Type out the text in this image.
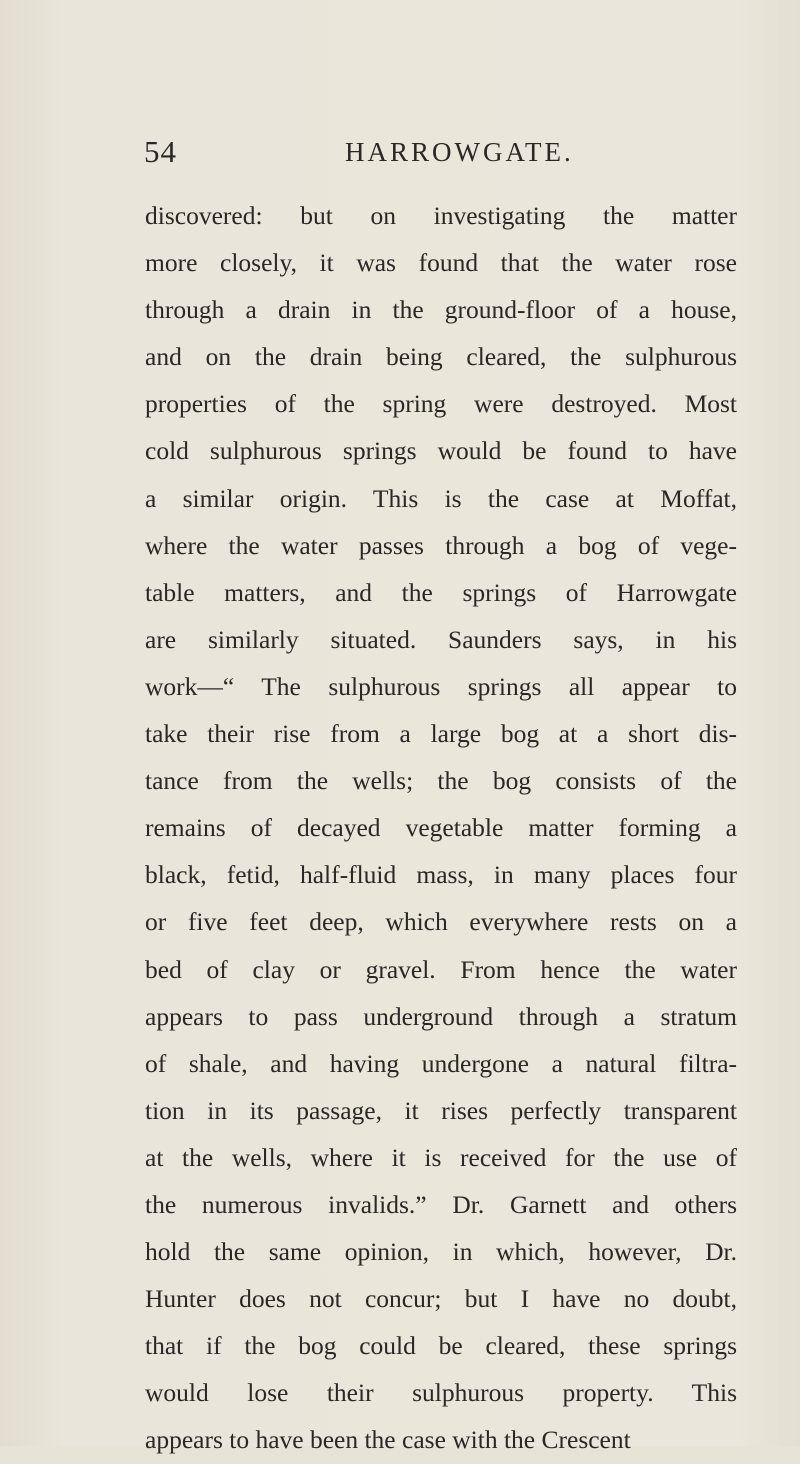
54	HARROWGATE.
discovered: but on investigating the matter
more closely, it was found that the water rose
through a drain in the ground-floor of a house,
and on the drain being cleared, the sulphurous
properties of the spring were destroyed. Most
cold sulphurous springs would be found to have
a similar origin. This is the case at Moffat,
where the water passes through a bog of vege-
table matters, and the springs of Harrowgate
are similarly situated. Saunders says, in his
work—“ The sulphurous springs all appear to
take their rise from a large bog at a short dis-
tance from the wells; the bog consists of the
remains of decayed vegetable matter forming a
black, fetid, half-fluid mass, in many places four
or five feet deep, which everywhere rests on a
bed of clay or gravel. From hence the water
appears to pass underground through a stratum
of shale, and having undergone a natural filtra-
tion in its passage, it rises perfectly transparent
at the wells, where it is received for the use of
the numerous invalids.” Dr. Garnett and others
hold the same opinion, in which, however, Dr.
Hunter does not concur; but I have no doubt,
that if the bog could be cleared, these springs
would lose their sulphurous property. This
appears to have been the case with the Crescent
